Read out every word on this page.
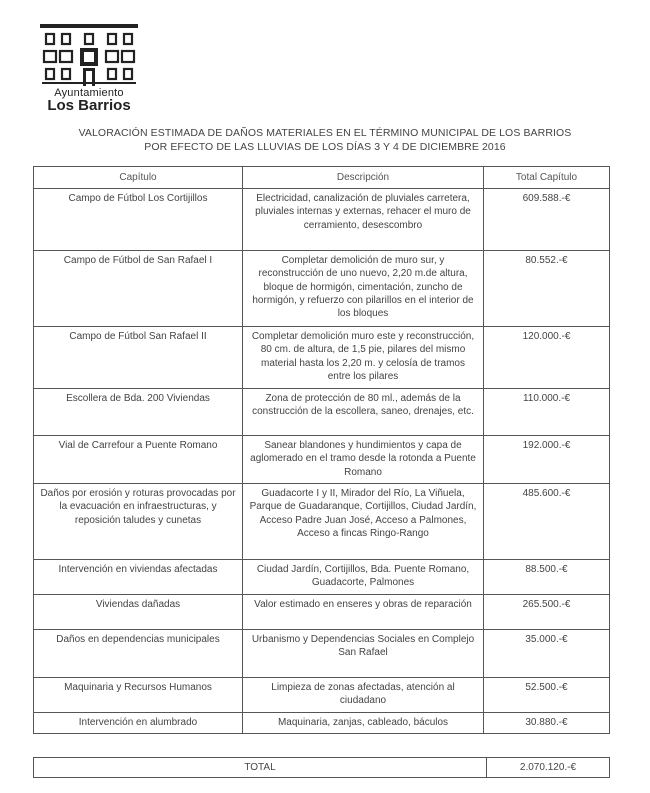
Ayuntamiento
Los Barrios
VALORACIÓN ESTIMADA DE DAÑOS MATERIALES EN EL TÉRMINO MUNICIPAL DE LOS BARRIOS
POR EFECTO DE LAS LLUVIAS DE LOS DÍAS 3 Y 4 DE DICIEMBRE 2016
Capítulo	Descripción	Total Capítulo
Campo de Fútbol Los Cortijillos	Electricidad, canalización de pluviales carretera, pluviales internas y externas, rehacer el muro de cerramiento, desescombro	609.588.-€
Campo de Fútbol de San Rafael I	Completar demolición de muro sur, y reconstrucción de uno nuevo, 2,20 m.de altura, bloque de hormigón, cimentación, zuncho de hormigón, y refuerzo con pilarillos en el interior de los bloques	80.552.-€
Campo de Fútbol San Rafael II	Completar demolición muro este y reconstrucción, 80 cm. de altura, de 1,5 pie, pilares del mismo material hasta los 2,20 m. y celosía de tramos entre los pilares	120.000.-€
Escollera de Bda. 200 Viviendas	Zona de protección de 80 ml., además de la construcción de la escollera, saneo, drenajes, etc.	110.000.-€
Vial de Carrefour a Puente Romano	Sanear blandones y hundimientos y capa de aglomerado en el tramo desde la rotonda a Puente Romano	192.000.-€
Daños por erosión y roturas provocadas por la evacuación en infraestructuras, y reposición taludes y cunetas	Guadacorte I y II, Mirador del Río, La Viñuela, Parque de Guadaranque, Cortijillos, Ciudad Jardín, Acceso Padre Juan José, Acceso a Palmones, Acceso a fincas Ringo-Rango	485.600.-€
Intervención en viviendas afectadas	Ciudad Jardín, Cortijillos, Bda. Puente Romano, Guadacorte, Palmones	88.500.-€
Viviendas dañadas	Valor estimado en enseres y obras de reparación	265.500.-€
Daños en dependencias municipales	Urbanismo y Dependencias Sociales en Complejo San Rafael	35.000.-€
Maquinaria y Recursos Humanos	Limpieza de zonas afectadas, atención al ciudadano	52.500.-€
Intervención en alumbrado	Maquinaria, zanjas, cableado, báculos	30.880.-€
TOTAL	2.070.120.-€
